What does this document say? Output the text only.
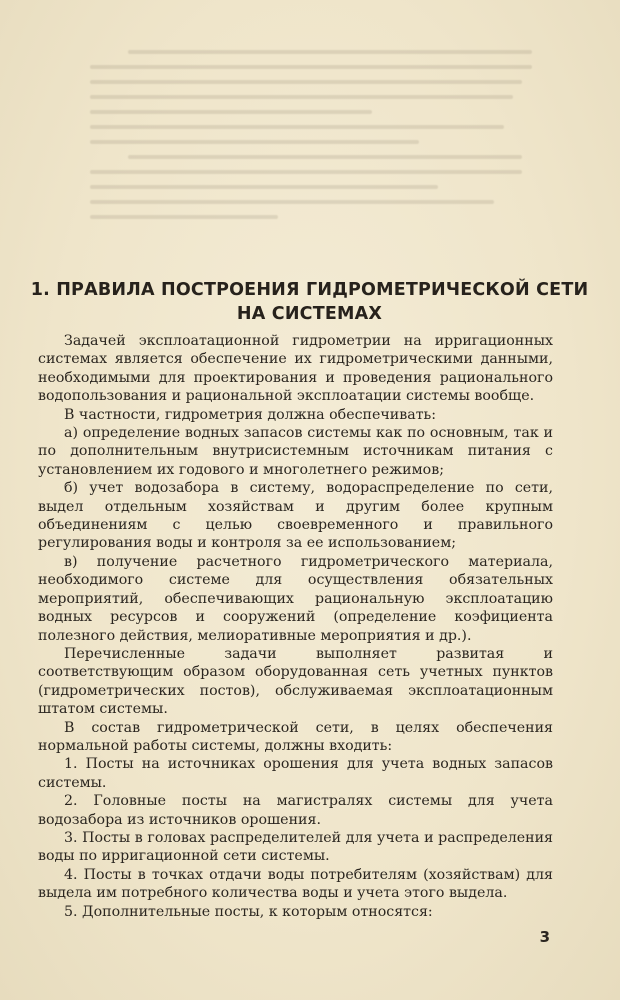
1. ПРАВИЛА ПОСТРОЕНИЯ ГИДРОМЕТРИЧЕСКОЙ СЕТИ
НА СИСТЕМАХ

Задачей эксплоатационной гидрометрии на ирригационных системах является обеспечение их гидрометрическими данными, необходимыми для проектирования и проведения рационального водопользования и рациональной эксплоатации системы вообще.

В частности, гидрометрия должна обеспечивать:

а) определение водных запасов системы как по основным, так и по дополнительным внутрисистемным источникам питания с установлением их годового и многолетнего режимов;

б) учет водозабора в систему, водораспределение по сети, выдел отдельным хозяйствам и другим более крупным объединениям с целью своевременного и правильного регулирования воды и контроля за ее использованием;

в) получение расчетного гидрометрического материала, необходимого системе для осуществления обязательных мероприятий, обеспечивающих рациональную эксплоатацию водных ресурсов и сооружений (определение коэфициента полезного действия, мелиоративные мероприятия и др.).

Перечисленные задачи выполняет развитая и соответствующим образом оборудованная сеть учетных пунктов (гидрометрических постов), обслуживаемая эксплоатационным штатом системы.

В состав гидрометрической сети, в целях обеспечения нормальной работы системы, должны входить:

1. Посты на источниках орошения для учета водных запасов системы.

2. Головные посты на магистралях системы для учета водозабора из источников орошения.

3. Посты в головах распределителей для учета и распределения воды по ирригационной сети системы.

4. Посты в точках отдачи воды потребителям (хозяйствам) для выдела им потребного количества воды и учета этого выдела.

5. Дополнительные посты, к которым относятся:

3
